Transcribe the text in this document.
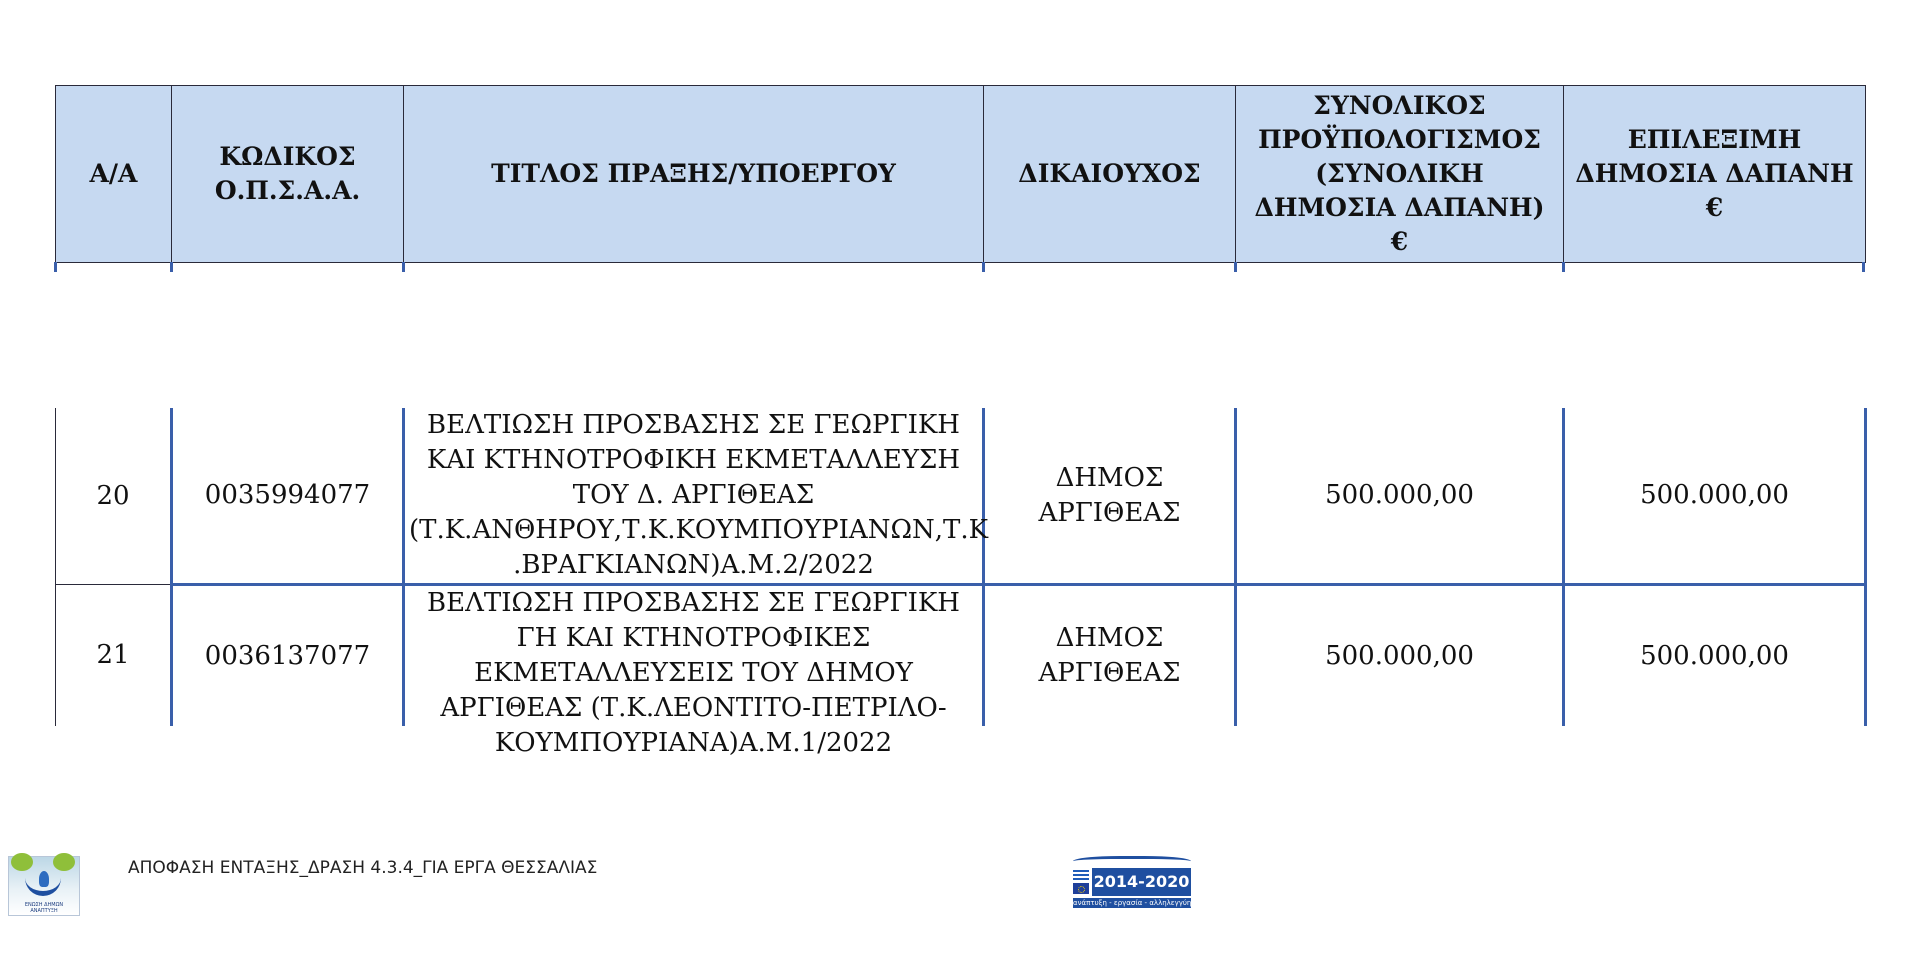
Α/Α	ΚΩΔΙΚΟΣ Ο.Π.Σ.Α.Α.	ΤΙΤΛΟΣ ΠΡΑΞΗΣ/ΥΠΟΕΡΓΟΥ	ΔΙΚΑΙΟΥΧΟΣ	ΣΥΝΟΛΙΚΟΣ ΠΡΟΫΠΟΛΟΓΙΣΜΟΣ (ΣΥΝΟΛΙΚΗ ΔΗΜΟΣΙΑ ΔΑΠΑΝΗ) €	ΕΠΙΛΕΞΙΜΗ ΔΗΜΟΣΙΑ ΔΑΠΑΝΗ €
20	0035994077	ΒΕΛΤΙΩΣΗ ΠΡΟΣΒΑΣΗΣ ΣΕ ΓΕΩΡΓΙΚΗ ΚΑΙ ΚΤΗΝΟΤΡΟΦΙΚΗ ΕΚΜΕΤΑΛΛΕΥΣΗ ΤΟΥ Δ. ΑΡΓΙΘΕΑΣ (Τ.Κ.ΑΝΘΗΡΟΥ,Τ.Κ.ΚΟΥΜΠΟΥΡΙΑΝΩΝ,Τ.Κ .ΒΡΑΓΚΙΑΝΩΝ)Α.Μ.2/2022	ΔΗΜΟΣ ΑΡΓΙΘΕΑΣ	500.000,00	500.000,00
21	0036137077	ΒΕΛΤΙΩΣΗ ΠΡΟΣΒΑΣΗΣ ΣΕ ΓΕΩΡΓΙΚΗ ΓΗ ΚΑΙ ΚΤΗΝΟΤΡΟΦΙΚΕΣ ΕΚΜΕΤΑΛΛΕΥΣΕΙΣ ΤΟΥ ΔΗΜΟΥ ΑΡΓΙΘΕΑΣ (Τ.Κ.ΛΕΟΝΤΙΤΟ-ΠΕΤΡΙΛΟ-ΚΟΥΜΠΟΥΡΙΑΝΑ)Α.Μ.1/2022	ΔΗΜΟΣ ΑΡΓΙΘΕΑΣ	500.000,00	500.000,00
ΕΝΩΣΗ ΔΗΜΩΝ ΑΝΑΠΤΥΞΗ
ΑΠΟΦΑΣΗ ΕΝΤΑΞΗΣ_ΔΡΑΣΗ 4.3.4_ΓΙΑ ΕΡΓΑ ΘΕΣΣΑΛΙΑΣ
2014-2020
ανάπτυξη - εργασία - αλληλεγγύη
